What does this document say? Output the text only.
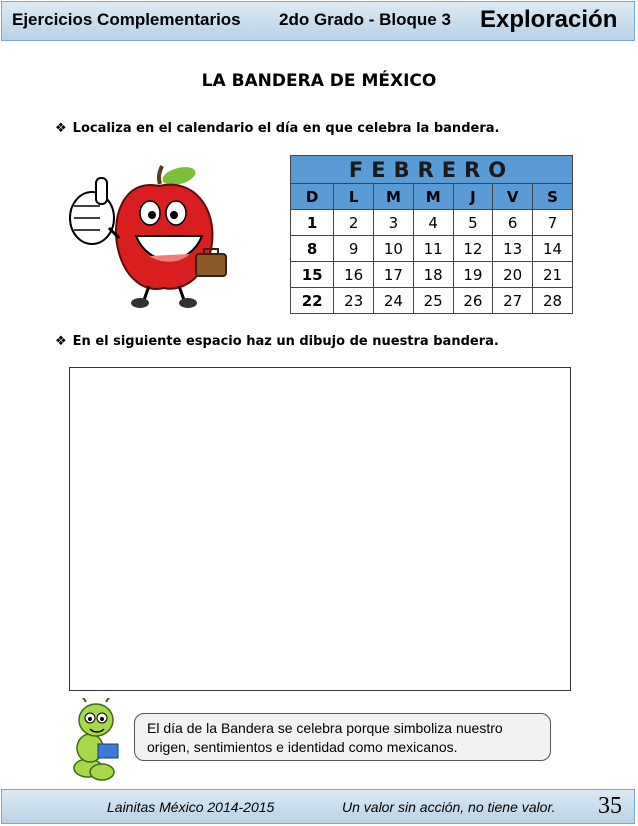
Ejercicios Complementarios 2do Grado - Bloque 3 Exploración
LA BANDERA DE MÉXICO
❖ Localiza en el calendario el día en que celebra la bandera.
FEBRERO						
D	L	M	M	J	V	S
1	2	3	4	5	6	7
8	9	10	11	12	13	14
15	16	17	18	19	20	21
22	23	24	25	26	27	28
❖ En el siguiente espacio haz un dibujo de nuestra bandera.
El día de la Bandera se celebra porque simboliza nuestro origen, sentimientos e identidad como mexicanos.
Lainitas México 2014-2015	Un valor sin acción, no tiene valor. 35
